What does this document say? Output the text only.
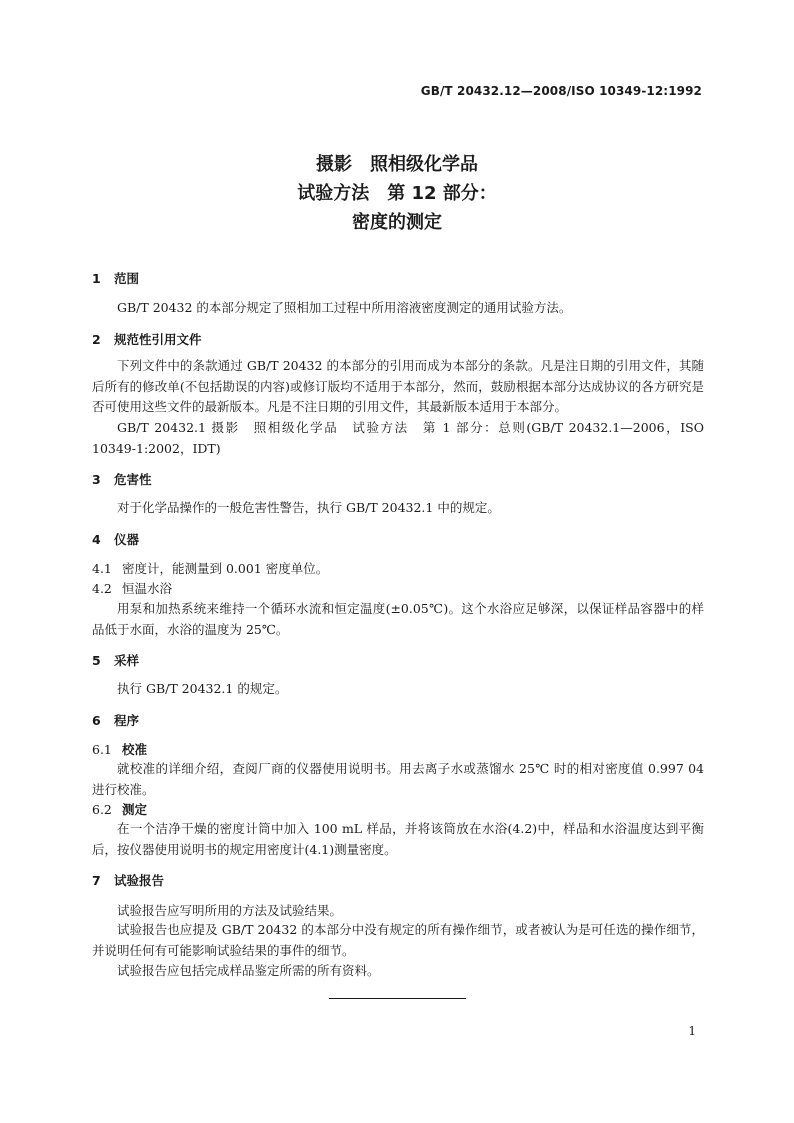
GB/T 20432.12—2008/ISO 10349-12:1992
摄影　照相级化学品
试验方法　第 12 部分：
密度的测定
1 范围

GB/T 20432 的本部分规定了照相加工过程中所用溶液密度测定的通用试验方法。

2 规范性引用文件

下列文件中的条款通过 GB/T 20432 的本部分的引用而成为本部分的条款。凡是注日期的引用文件，其随后所有的修改单(不包括勘误的内容)或修订版均不适用于本部分，然而，鼓励根据本部分达成协议的各方研究是否可使用这些文件的最新版本。凡是不注日期的引用文件，其最新版本适用于本部分。

GB/T 20432.1 摄影　照相级化学品　试验方法　第 1 部分：总则(GB/T 20432.1—2006，ISO 10349-1:2002，IDT)

3 危害性

对于化学品操作的一般危害性警告，执行 GB/T 20432.1 中的规定。

4 仪器
4.1 密度计，能测量到 0.001 密度单位。
4.2 恒温水浴

用泵和加热系统来维持一个循环水流和恒定温度(±0.05℃)。这个水浴应足够深，以保证样品容器中的样品低于水面，水浴的温度为 25℃。

5 采样

执行 GB/T 20432.1 的规定。

6 程序
6.1 校准

就校准的详细介绍，查阅厂商的仪器使用说明书。用去离子水或蒸馏水 25℃ 时的相对密度值 0.997 04 进行校准。

6.2 测定

在一个洁净干燥的密度计筒中加入 100 mL 样品，并将该筒放在水浴(4.2)中，样品和水浴温度达到平衡后，按仪器使用说明书的规定用密度计(4.1)测量密度。

7 试验报告

试验报告应写明所用的方法及试验结果。

试验报告也应提及 GB/T 20432 的本部分中没有规定的所有操作细节，或者被认为是可任选的操作细节，并说明任何有可能影响试验结果的事件的细节。

试验报告应包括完成样品鉴定所需的所有资料。

1
